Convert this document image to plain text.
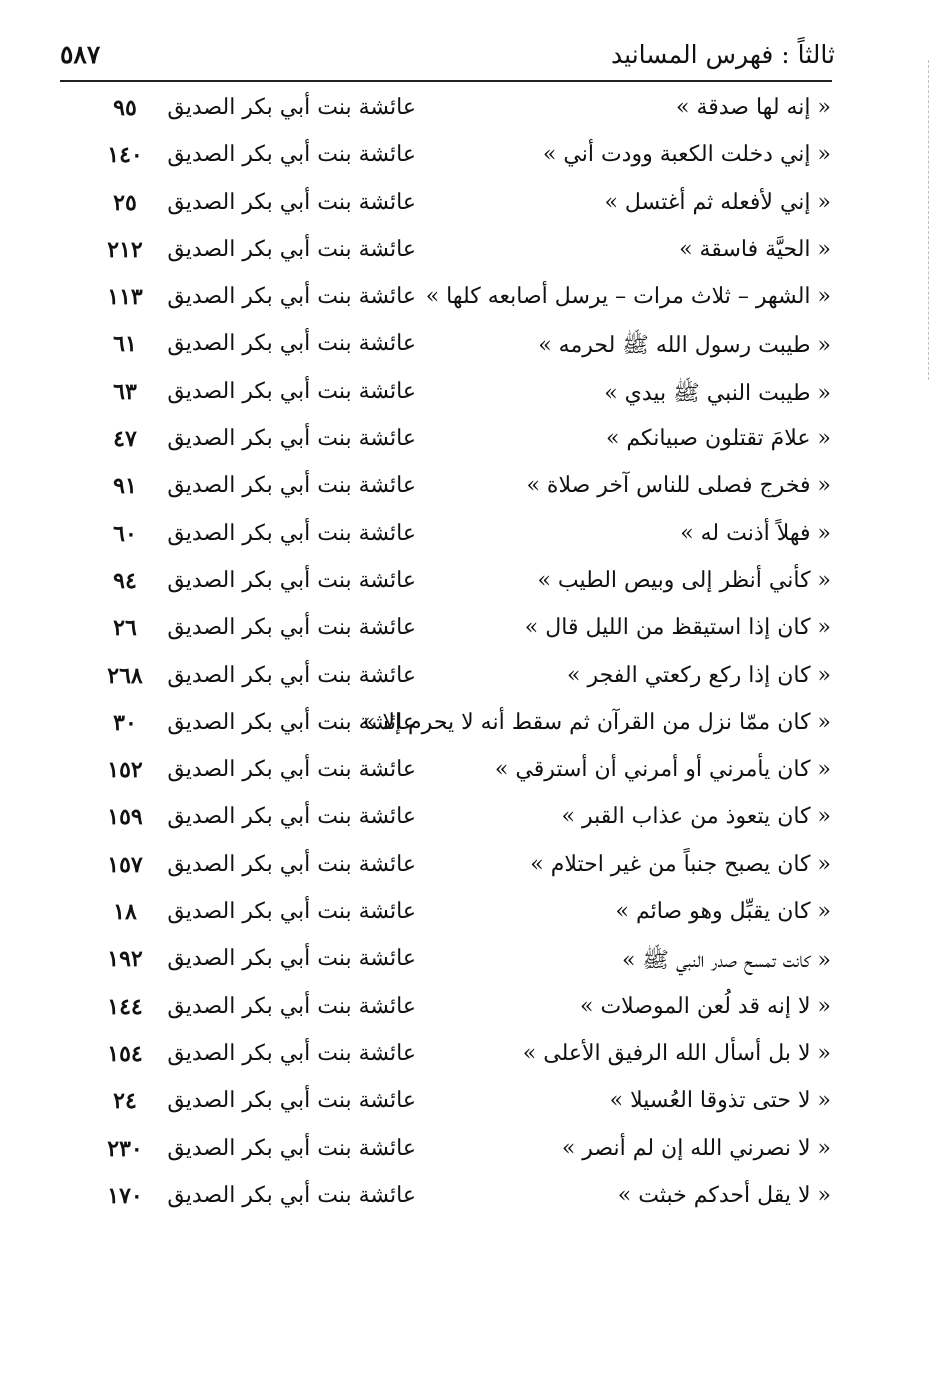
ثالثاً : فهرس المسانيد
٥٨٧
« إنه لها صدقة »
عائشة بنت أبي بكر الصديق
٩٥
« إني دخلت الكعبة وودت أني »
عائشة بنت أبي بكر الصديق
١٤٠
« إني لأفعله ثم أغتسل »
عائشة بنت أبي بكر الصديق
٢٥
« الحيَّة فاسقة »
عائشة بنت أبي بكر الصديق
٢١٢
« الشهر – ثلاث مرات – يرسل أصابعه كلها »
عائشة بنت أبي بكر الصديق
١١٣
« طيبت رسول الله ﷺ لحرمه »
عائشة بنت أبي بكر الصديق
٦١
« طيبت النبي ﷺ بيدي »
عائشة بنت أبي بكر الصديق
٦٣
« علامَ تقتلون صبيانكم »
عائشة بنت أبي بكر الصديق
٤٧
« فخرج فصلى للناس آخر صلاة »
عائشة بنت أبي بكر الصديق
٩١
« فهلاً أذنت له »
عائشة بنت أبي بكر الصديق
٦٠
« كأني أنظر إلى وبيص الطيب »
عائشة بنت أبي بكر الصديق
٩٤
« كان إذا استيقظ من الليل قال »
عائشة بنت أبي بكر الصديق
٢٦
« كان إذا ركع ركعتي الفجر »
عائشة بنت أبي بكر الصديق
٢٦٨
« كان ممّا نزل من القرآن ثم سقط أنه لا يحرم إلا »
عائشة بنت أبي بكر الصديق
٣٠
« كان يأمرني أو أمرني أن أسترقي »
عائشة بنت أبي بكر الصديق
١٥٢
« كان يتعوذ من عذاب القبر »
عائشة بنت أبي بكر الصديق
١٥٩
« كان يصبح جنباً من غير احتلام »
عائشة بنت أبي بكر الصديق
١٥٧
« كان يقبِّل وهو صائم »
عائشة بنت أبي بكر الصديق
١٨
« كانت تمسح صدر النبي ﷺ »
عائشة بنت أبي بكر الصديق
١٩٢
« لا إنه قد لُعن الموصلات »
عائشة بنت أبي بكر الصديق
١٤٤
« لا بل أسأل الله الرفيق الأعلى »
عائشة بنت أبي بكر الصديق
١٥٤
« لا حتى تذوقا العُسيلا »
عائشة بنت أبي بكر الصديق
٢٤
« لا نصرني الله إن لم أنصر »
عائشة بنت أبي بكر الصديق
٢٣٠
« لا يقل أحدكم خبثت »
عائشة بنت أبي بكر الصديق
١٧٠
